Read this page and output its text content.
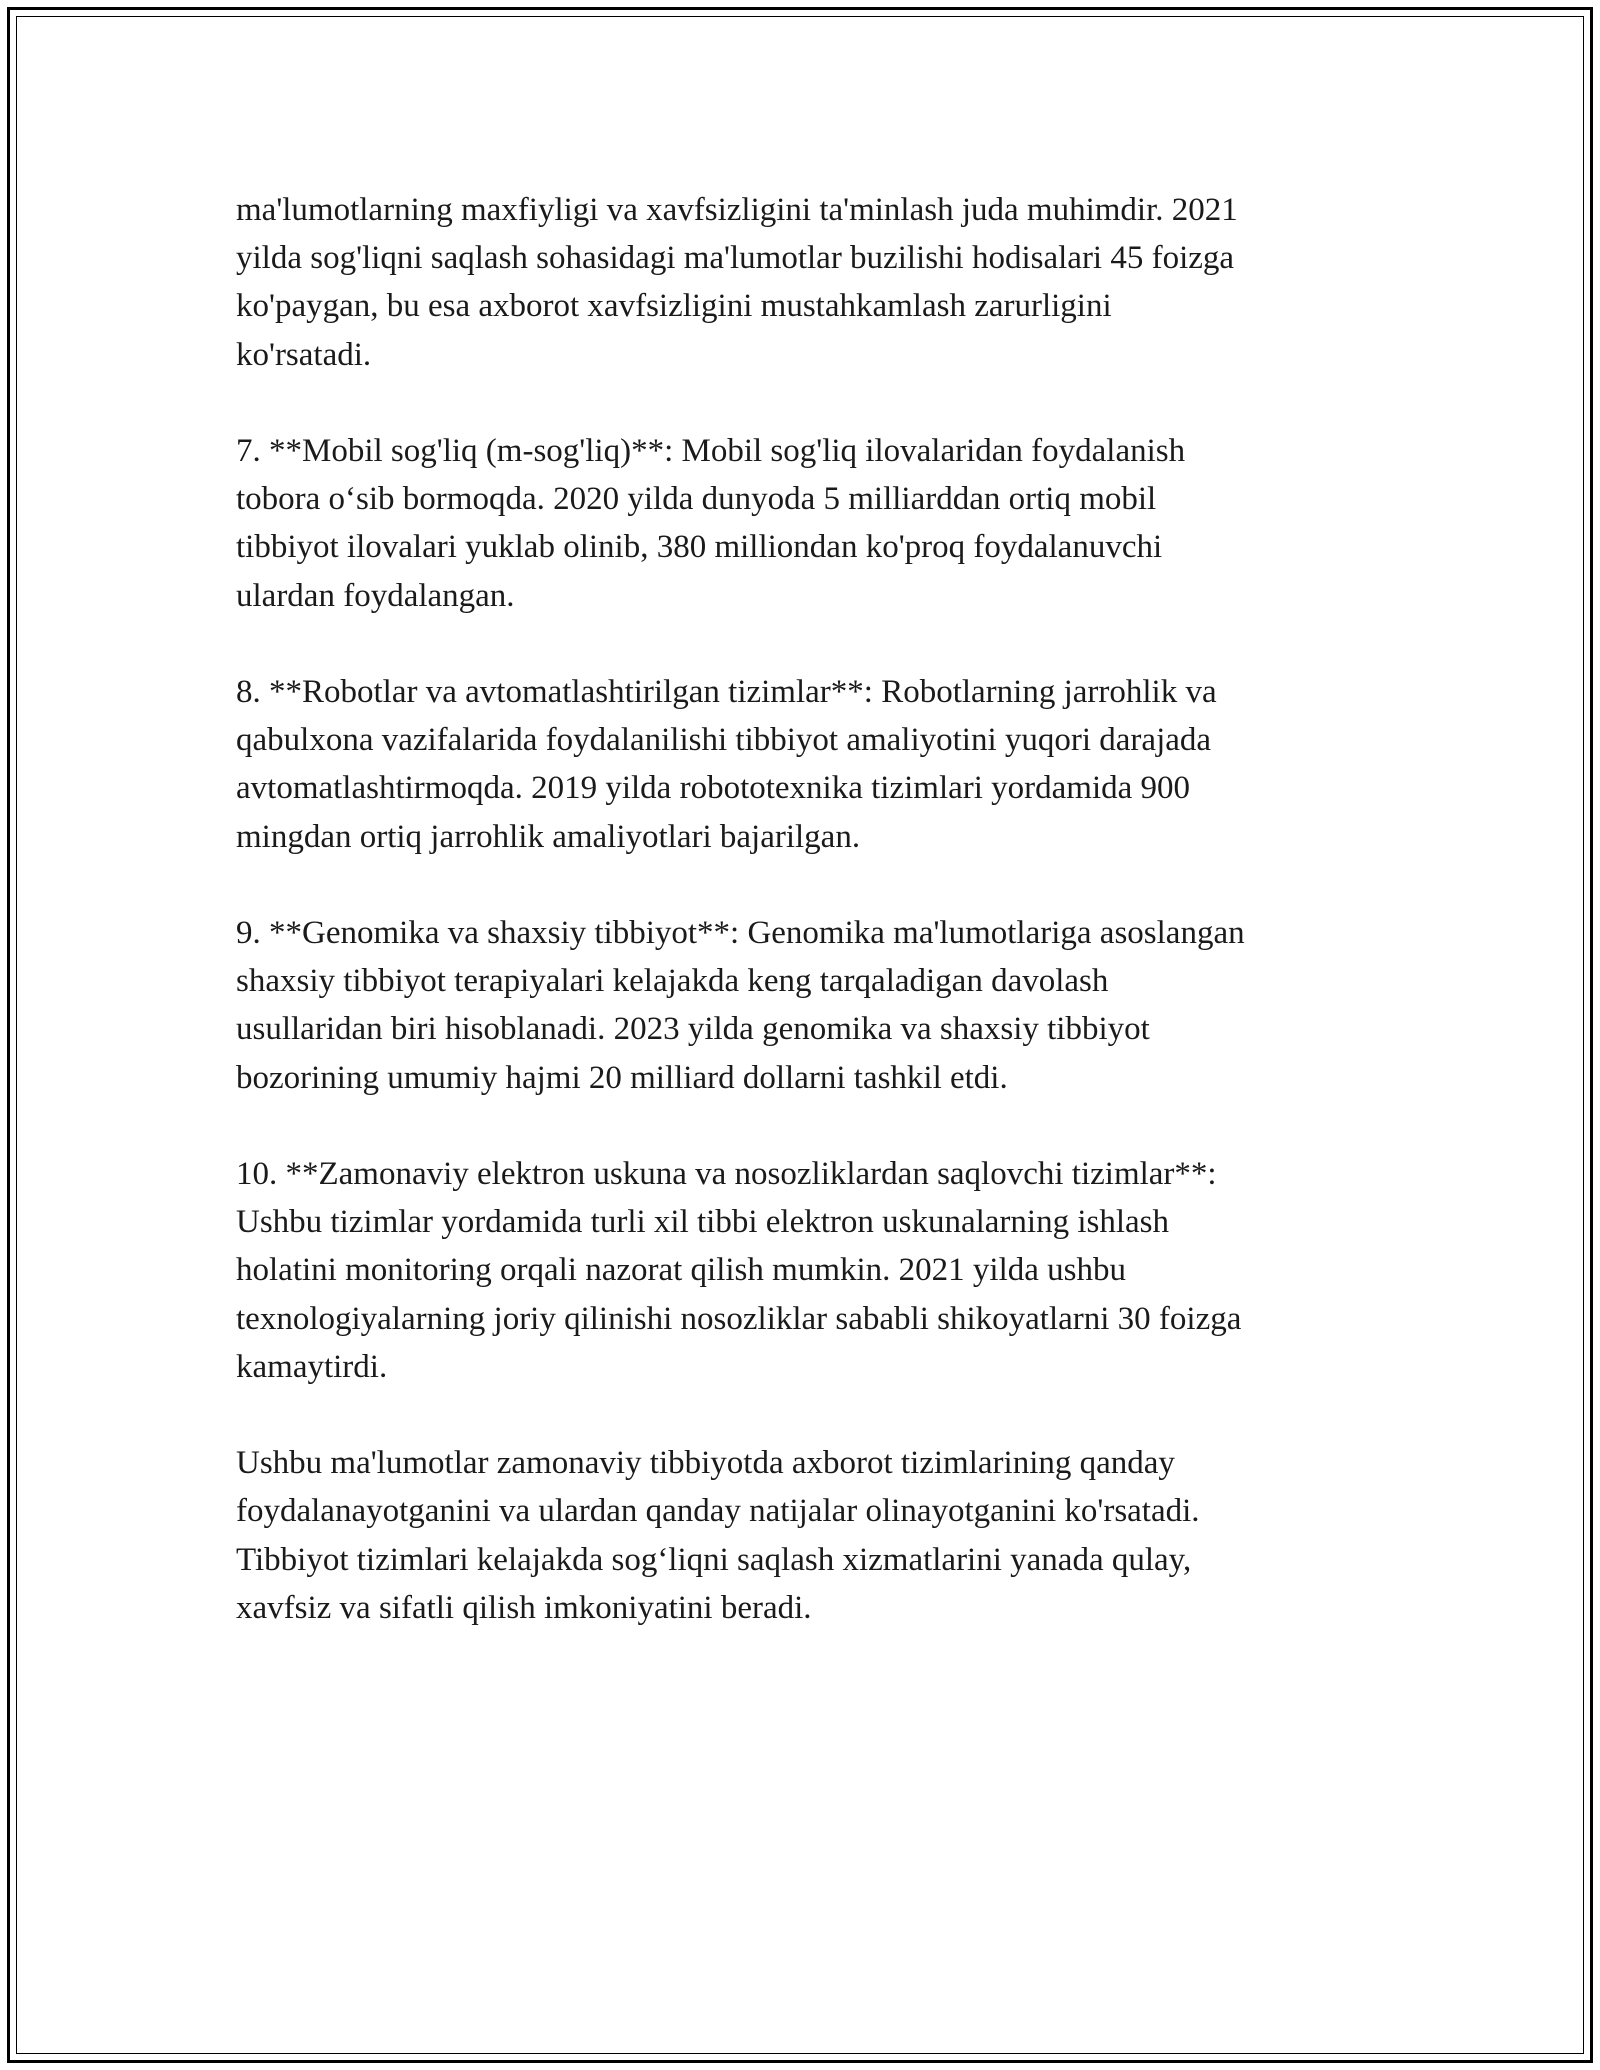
ma'lumotlarning maxfiyligi va xavfsizligini ta'minlash juda muhimdir. 2021
yilda sog'liqni saqlash sohasidagi ma'lumotlar buzilishi hodisalari 45 foizga
ko'paygan, bu esa axborot xavfsizligini mustahkamlash zarurligini
ko'rsatadi.

7. **Mobil sog'liq (m-sog'liq)**: Mobil sog'liq ilovalaridan foydalanish
tobora o‘sib bormoqda. 2020 yilda dunyoda 5 milliarddan ortiq mobil
tibbiyot ilovalari yuklab olinib, 380 milliondan ko'proq foydalanuvchi
ulardan foydalangan.

8. **Robotlar va avtomatlashtirilgan tizimlar**: Robotlarning jarrohlik va
qabulxona vazifalarida foydalanilishi tibbiyot amaliyotini yuqori darajada
avtomatlashtirmoqda. 2019 yilda robototexnika tizimlari yordamida 900
mingdan ortiq jarrohlik amaliyotlari bajarilgan.

9. **Genomika va shaxsiy tibbiyot**: Genomika ma'lumotlariga asoslangan
shaxsiy tibbiyot terapiyalari kelajakda keng tarqaladigan davolash
usullaridan biri hisoblanadi. 2023 yilda genomika va shaxsiy tibbiyot
bozorining umumiy hajmi 20 milliard dollarni tashkil etdi.

10. **Zamonaviy elektron uskuna va nosozliklardan saqlovchi tizimlar**:
Ushbu tizimlar yordamida turli xil tibbi elektron uskunalarning ishlash
holatini monitoring orqali nazorat qilish mumkin. 2021 yilda ushbu
texnologiyalarning joriy qilinishi nosozliklar sababli shikoyatlarni 30 foizga
kamaytirdi.

Ushbu ma'lumotlar zamonaviy tibbiyotda axborot tizimlarining qanday
foydalanayotganini va ulardan qanday natijalar olinayotganini ko'rsatadi.
Tibbiyot tizimlari kelajakda sog‘liqni saqlash xizmatlarini yanada qulay,
xavfsiz va sifatli qilish imkoniyatini beradi.
